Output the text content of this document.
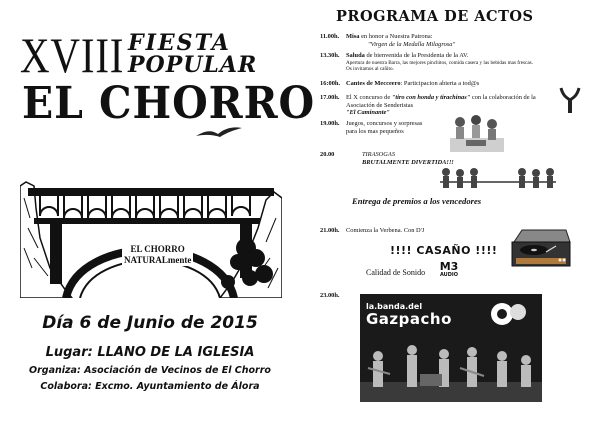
XVIII FIESTA
POPULAR
EL CHORRO
EL CHORRO
NATURALmente
Día 6 de Junio de 2015
Lugar: LLANO DE LA IGLESIA
Organiza: Asociación de Vecinos de El Chorro
Colabora: Excmo. Ayuntamiento de Álora
PROGRAMA DE ACTOS
11.00h. Misa en honor a Nuestra Patrona:
"Virgen de la Medalla Milagrosa"
13.30h. Saluda de bienvenida de la Presidenta de la AV.
Apertura de nuestra Barra, las mejores pinchitos, comida casera y las bebidas mas frescas.
Os invitamos al cañito.
16:00h. Cantes de Mecceero: Participacion abierta a tod@s
17.00h. El X concurso de "tiro con honda y tirachinas" con la colaboración de la
Asociación de Senderistas
"El Caminante"
19.00h. Juegos, concursos y sorpresas
para los mas pequeños
20.00	TIRASOGAS
BRUTALMENTE DIVERTIDA!!!
Entrega de premios a los vencedores
21.00h. Comienza la Verbena. Con D'J
!!!! CASAÑO !!!!
Calidad de Sonido	M3
AUDIO
23.00h.
la.banda.del
Gazpacho
